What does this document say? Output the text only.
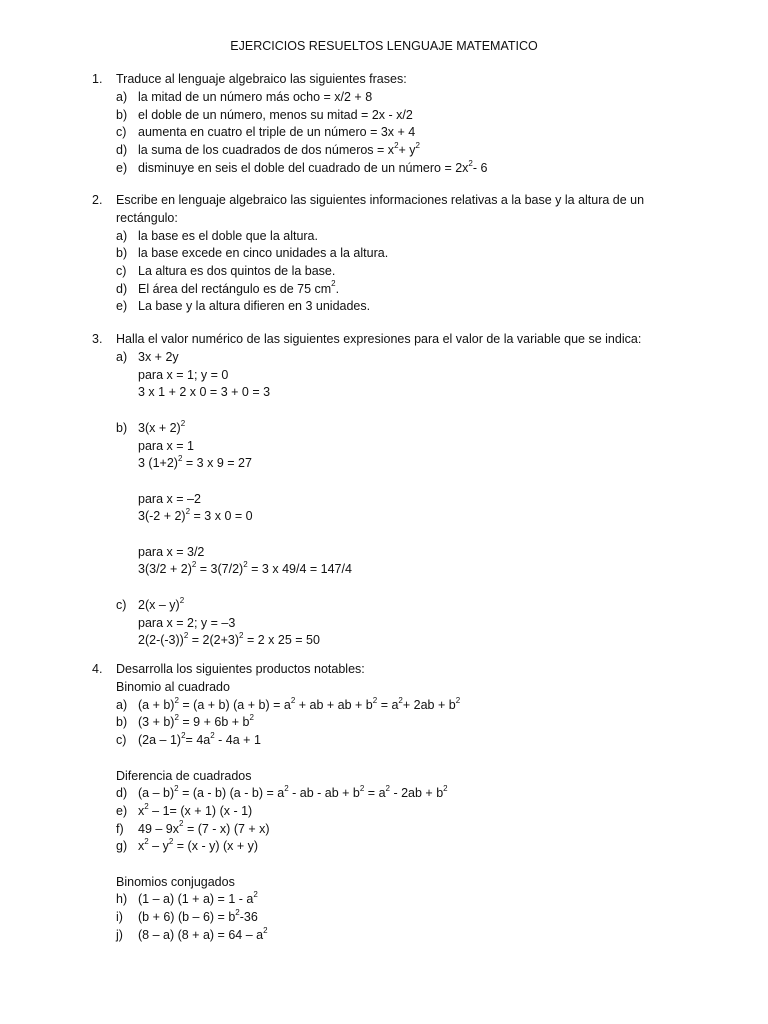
EJERCICIOS RESUELTOS LENGUAJE MATEMATICO
1. Traduce al lenguaje algebraico las siguientes frases:
a) la mitad de un número más ocho = x/2 + 8
b) el doble de un número, menos su mitad = 2x - x/2
c) aumenta en cuatro el triple de un número = 3x + 4
d) la suma de los cuadrados de dos números = $x^2+ y^2$
e) disminuye en seis el doble del cuadrado de un número = $2x^2-$ 6
2. Escribe en lenguaje algebraico las siguientes informaciones relativas a la base y la altura de un rectángulo:
a) la base es el doble que la altura.
b) la base excede en cinco unidades a la altura.
c) La altura es dos quintos de la base.
d) El área del rectángulo es de 75 $cm^2$.
e) La base y la altura difieren en 3 unidades.
3. Halla el valor numérico de las siguientes expresiones para el valor de la variable que se indica:
a) 3x + 2y
para x = 1; y = 0
3 x 1 + 2 x 0 = 3 + 0 = 3
b) $3(x + 2)^2$
para x = 1
3 $(1+2)^2 = 3$ x 9 = 27
para x = –2
$3(-2 + 2)^2 = 3$ x 0 = 0
para x = 3/2
$3(3/2 + 2)^2 = 3(7/2)^2 = 3$ x 49/4 = 147/4
c) 2(x – y)$^2$
para x = 2; y = –3
$2(2-(-3))^2 = 2(2+3)^2 = 2$ x 25 = 50
4. Desarrolla los siguientes productos notables:
Binomio al cuadrado
a) $(a + b)^2 = (a + b)$ $(a + b) = a^2$ + ab + ab + $b^2 = a^2+ 2ab + b^2$
b) $(3 + b)^2 = 9 + 6b + b^2$
c) $(2a - 1)^2= 4a^2 - 4a + 1$
Diferencia de cuadrados
d) (a – b)$^2$ = (a - b) $(a - b) = a^2$ - ab - ab + $b^2 = a^2 - 2ab + b^2$
e) $x^2 - 1= (x + 1)$ (x - 1)
f) $49 - 9x^2 = (7 - x) (7 + x)$
g) $x^2 - y^2 = (x - y) (x + y)$
Binomios conjugados
h) (1 – a) $(1 + a) = 1 - a^2$
i) (b + 6) $(b - 6) = b^2-36$
j) (8 – a) $(8 + a) = 64 - a^2$
